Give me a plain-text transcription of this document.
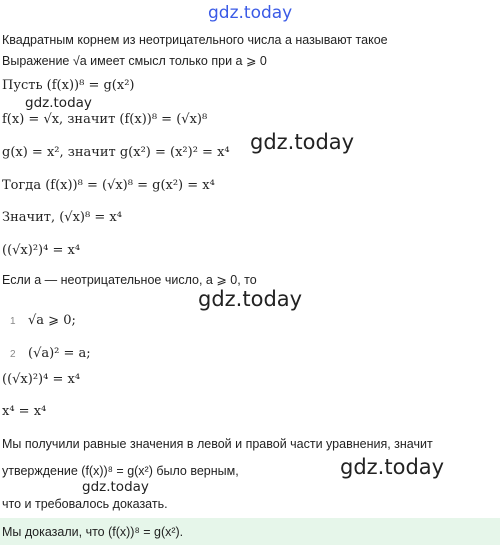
gdz.today
gdz.today
gdz.today
gdz.today
gdz.today
gdz.today
Квадратным корнем из неотрицательного числа a называют такое
Выражение √a имеет смысл только при a ⩾ 0
Пусть (f(x))⁸ = g(x²)
f(x) = √x, значит (f(x))⁸ = (√x)⁸
g(x) = x², значит g(x²) = (x²)² = x⁴
Тогда (f(x))⁸ = (√x)⁸ = g(x²) = x⁴
Значит, (√x)⁸ = x⁴
((√x)²)⁴ = x⁴
Если a — неотрицательное число, a ⩾ 0, то
1 √a ⩾ 0;
2 (√a)² = a;
((√x)²)⁴ = x⁴
x⁴ = x⁴
Мы получили равные значения в левой и правой части уравнения, значит
утверждение (f(x))⁸ = g(x²) было верным,
что и требовалось доказать.
Мы доказали, что (f(x))⁸ = g(x²).
